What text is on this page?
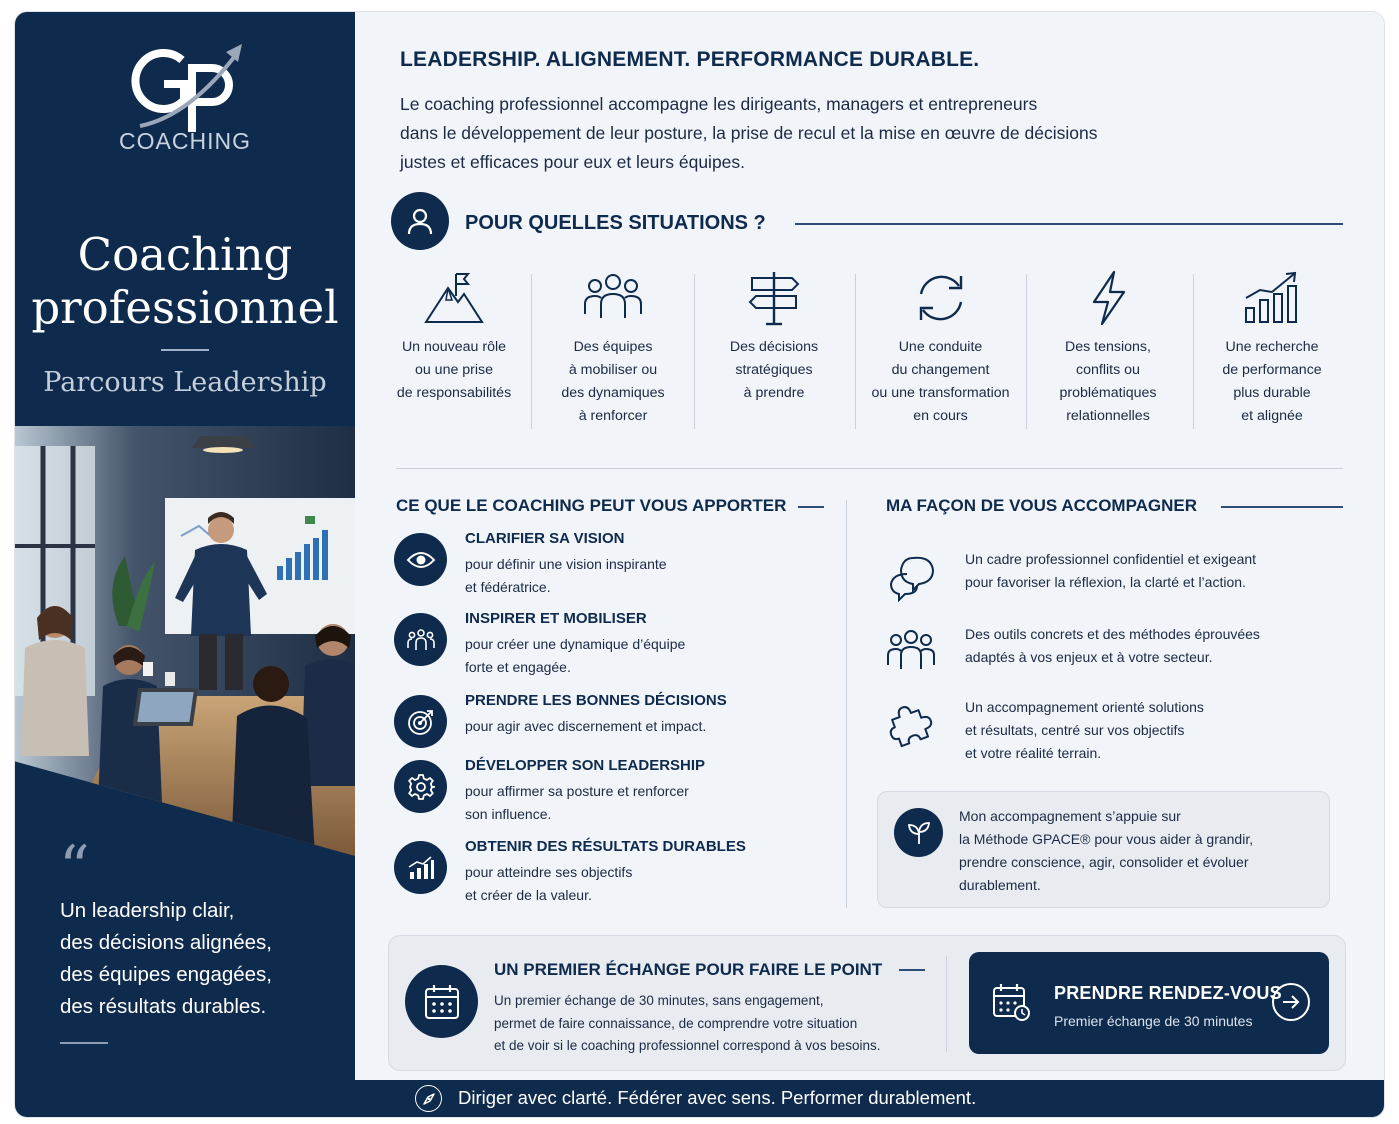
COACHING
Coaching
professionnel
Parcours Leadership
“
Un leadership clair,
des décisions alignées,
des équipes engagées,
des résultats durables.
LEADERSHIP. ALIGNEMENT. PERFORMANCE DURABLE.
Le coaching professionnel accompagne les dirigeants, managers et entrepreneurs
dans le développement de leur posture, la prise de recul et la mise en œuvre de décisions
justes et efficaces pour eux et leurs équipes.
POUR QUELLES SITUATIONS ?
Un nouveau rôle
ou une prise
de responsabilités
Des équipes
à mobiliser ou
des dynamiques
à renforcer
Des décisions
stratégiques
à prendre
Une conduite
du changement
ou une transformation
en cours
Des tensions,
conflits ou
problématiques
relationnelles
Une recherche
de performance
plus durable
et alignée
CE QUE LE COACHING PEUT VOUS APPORTER
CLARIFIER SA VISION
pour définir une vision inspirante
et fédératrice.
INSPIRER ET MOBILISER
pour créer une dynamique d’équipe
forte et engagée.
PRENDRE LES BONNES DÉCISIONS
pour agir avec discernement et impact.
DÉVELOPPER SON LEADERSHIP
pour affirmer sa posture et renforcer
son influence.
OBTENIR DES RÉSULTATS DURABLES
pour atteindre ses objectifs
et créer de la valeur.
MA FAÇON DE VOUS ACCOMPAGNER
Un cadre professionnel confidentiel et exigeant
pour favoriser la réflexion, la clarté et l’action.
Des outils concrets et des méthodes éprouvées
adaptés à vos enjeux et à votre secteur.
Un accompagnement orienté solutions
et résultats, centré sur vos objectifs
et votre réalité terrain.
Mon accompagnement s’appuie sur
la Méthode GPACE® pour vous aider à grandir,
prendre conscience, agir, consolider et évoluer
durablement.
UN PREMIER ÉCHANGE POUR FAIRE LE POINT
Un premier échange de 30 minutes, sans engagement,
permet de faire connaissance, de comprendre votre situation
et de voir si le coaching professionnel correspond à vos besoins.
PRENDRE RENDEZ-VOUS
Premier échange de 30 minutes
Diriger avec clarté. Fédérer avec sens. Performer durablement.
